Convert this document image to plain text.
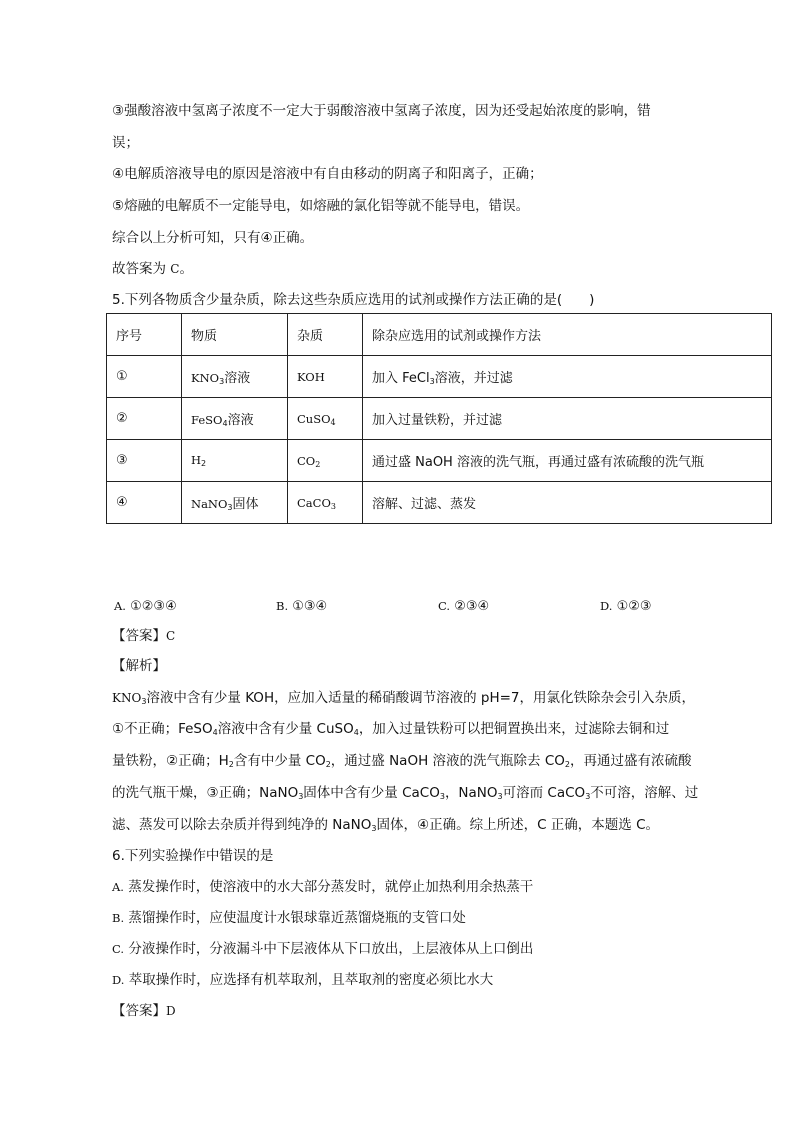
③强酸溶液中氢离子浓度不一定大于弱酸溶液中氢离子浓度，因为还受起始浓度的影响，错
误；
④电解质溶液导电的原因是溶液中有自由移动的阴离子和阳离子，正确；
⑤熔融的电解质不一定能导电，如熔融的氯化铝等就不能导电，错误。
综合以上分析可知，只有④正确。
故答案为 C。
5.下列各物质含少量杂质，除去这些杂质应选用的试剂或操作方法正确的是(　　)
序号	物质	杂质	除杂应选用的试剂或操作方法
①	$KNO_3$溶液	KOH	加入 FeCl$_3$溶液，并过滤
②	FeSO$_4$溶液	CuSO$_4$	加入过量铁粉，并过滤
③	$H_2$	$CO_2$	通过盛 NaOH 溶液的洗气瓶，再通过盛有浓硫酸的洗气瓶
④	NaNO$_3$固体	CaCO$_3$	溶解、过滤、蒸发
A. ①②③④	B. ①③④	C. ②③④	D. ①②③
【答案】C
【解析】
$KNO_3$溶液中含有少量 KOH，应加入适量的稀硝酸调节溶液的 pH=7，用氯化铁除杂会引入杂质，
①不正确；FeSO$_4$溶液中含有少量 CuSO$_4$，加入过量铁粉可以把铜置换出来，过滤除去铜和过
量铁粉，②正确；$H_2$含有中少量 $CO_2$，通过盛 NaOH 溶液的洗气瓶除去 $CO_2$，再通过盛有浓硫酸
的洗气瓶干燥，③正确；NaNO$_3$固体中含有少量 CaCO$_3$，NaNO$_3$可溶而 CaCO$_3$不可溶，溶解、过
滤、蒸发可以除去杂质并得到纯净的 NaNO$_3$固体，④正确。综上所述，C 正确，本题选 C。
6.下列实验操作中错误的是
A. 蒸发操作时，使溶液中的水大部分蒸发时，就停止加热利用余热蒸干
B. 蒸馏操作时，应使温度计水银球靠近蒸馏烧瓶的支管口处
C. 分液操作时，分液漏斗中下层液体从下口放出，上层液体从上口倒出
D. 萃取操作时，应选择有机萃取剂，且萃取剂的密度必须比水大
【答案】D
